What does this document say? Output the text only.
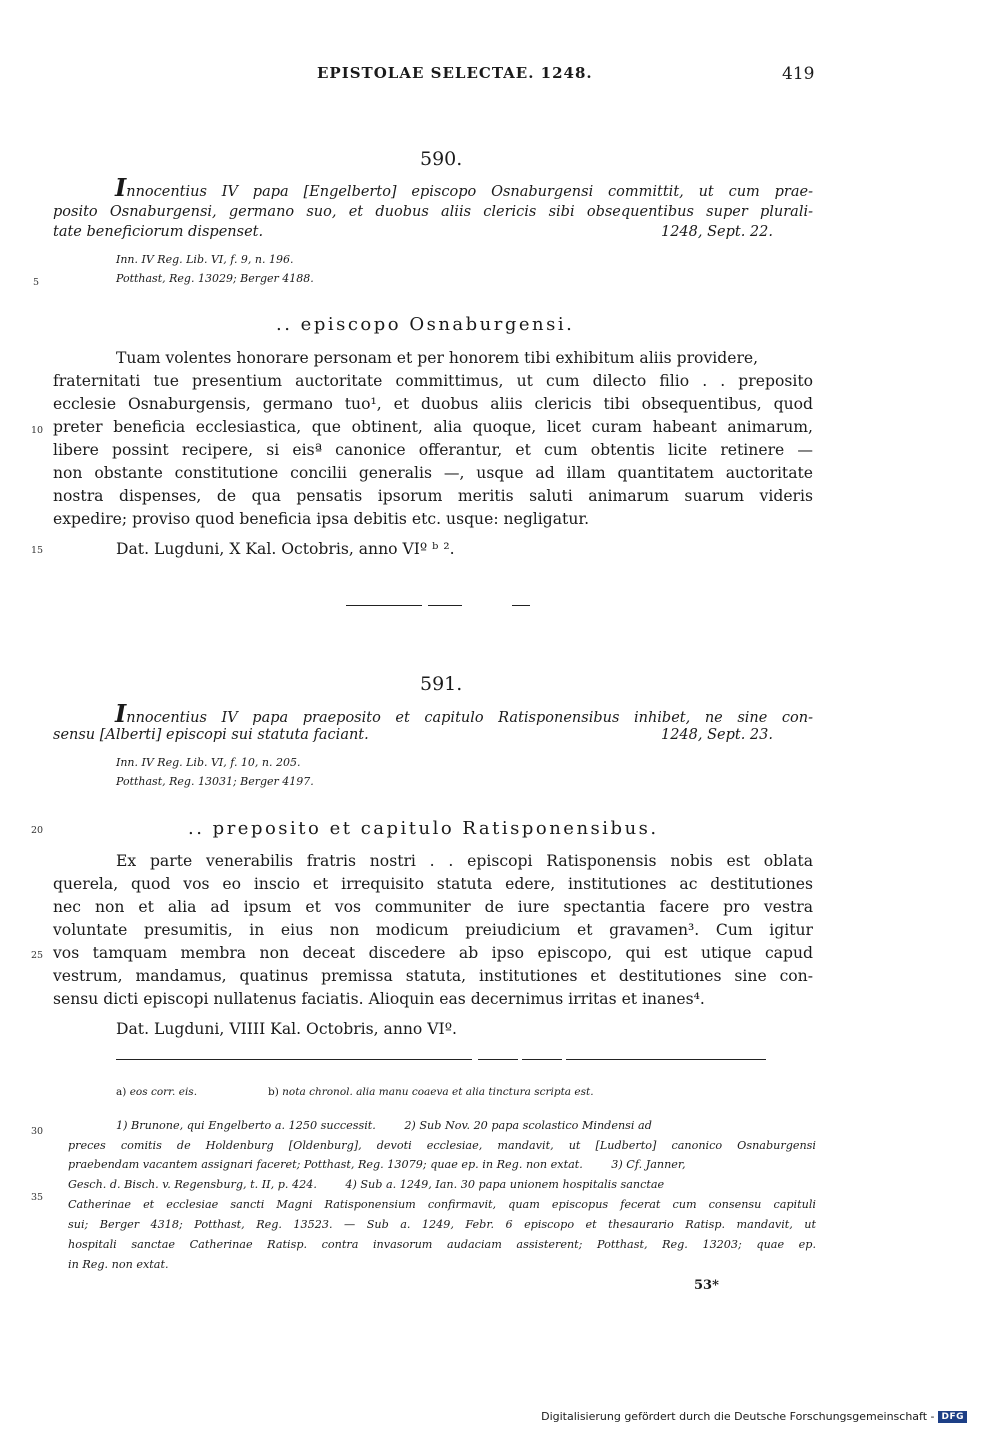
EPISTOLAE SELECTAE. 1248.	419
590.
Innocentius IV papa [Engelberto] episcopo Osnaburgensi committit, ut cum prae-
posito Osnaburgensi, germano suo, et duobus aliis clericis sibi obsequentibus super plurali-
tate beneficiorum dispenset.	1248, Sept. 22.
Inn. IV Reg. Lib. VI, f. 9, n. 196.
Potthast, Reg. 13029; Berger 4188.
.. episcopo Osnaburgensi.
Tuam volentes honorare personam et per honorem tibi exhibitum aliis providere,
fraternitati tue presentium auctoritate committimus, ut cum dilecto filio . . preposito
ecclesie Osnaburgensis, germano tuo¹, et duobus aliis clericis tibi obsequentibus, quod
preter beneficia ecclesiastica, que obtinent, alia quoque, licet curam habeant animarum,
libere possint recipere, si eisª canonice offerantur, et cum obtentis licite retinere —
non obstante constitutione concilii generalis —, usque ad illam quantitatem auctoritate
nostra dispenses, de qua pensatis ipsorum meritis saluti animarum suarum videris
expedire; proviso quod beneficia ipsa debitis etc. usque: negligatur.
Dat. Lugduni, X Kal. Octobris, anno VIº ᵇ ².
591.
Innocentius IV papa praeposito et capitulo Ratisponensibus inhibet, ne sine con-
sensu [Alberti] episcopi sui statuta faciant.	1248, Sept. 23.
Inn. IV Reg. Lib. VI, f. 10, n. 205.
Potthast, Reg. 13031; Berger 4197.
.. preposito et capitulo Ratisponensibus.
Ex parte venerabilis fratris nostri . . episcopi Ratisponensis nobis est oblata
querela, quod vos eo inscio et irrequisito statuta edere, institutiones ac destitutiones
nec non et alia ad ipsum et vos communiter de iure spectantia facere pro vestra
voluntate presumitis, in eius non modicum preiudicium et gravamen³. Cum igitur
vos tamquam membra non deceat discedere ab ipso episcopo, qui est utique capud
vestrum, mandamus, quatinus premissa statuta, institutiones et destitutiones sine con-
sensu dicti episcopi nullatenus faciatis. Alioquin eas decernimus irritas et inanes⁴.
Dat. Lugduni, VIIII Kal. Octobris, anno VIº.
5
10
15
20
25
30
35
a) eos corr. eis.	b) nota chronol. alia manu coaeva et alia tinctura scripta est.
1) Brunone, qui Engelberto a. 1250 successit.        2) Sub Nov. 20 papa scolastico Mindensi ad
preces comitis de Holdenburg [Oldenburg], devoti ecclesiae, mandavit, ut [Ludberto] canonico Osnaburgensi
praebendam vacantem assignari faceret; Potthast, Reg. 13079; quae ep. in Reg. non extat.        3) Cf. Janner,
Gesch. d. Bisch. v. Regensburg, t. II, p. 424.        4) Sub a. 1249, Ian. 30 papa unionem hospitalis sanctae
Catherinae et ecclesiae sancti Magni Ratisponensium confirmavit, quam episcopus fecerat cum consensu capituli
sui; Berger 4318; Potthast, Reg. 13523. — Sub a. 1249, Febr. 6 episcopo et thesaurario Ratisp. mandavit, ut
hospitali sanctae Catherinae Ratisp. contra invasorum audaciam assisterent; Potthast, Reg. 13203; quae ep.
in Reg. non extat.
53*
Digitalisierung gefördert durch die Deutsche Forschungsgemeinschaft - DFG
